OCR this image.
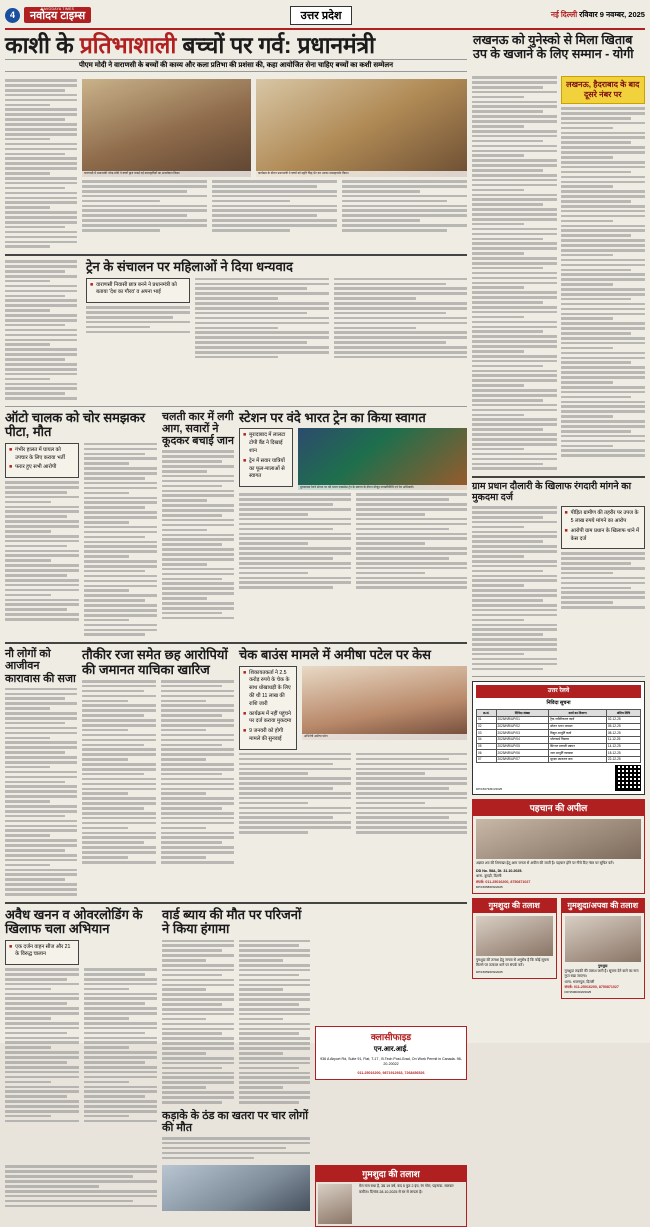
4
NAVODAYA TIMES
नवोदय टाइम्स	उत्तर प्रदेश	नई दिल्ली रविवार 9 नवम्बर, 2025
काशी के प्रतिभाशाली बच्चों पर गर्व: प्रधानमंत्री
पीएम मोदी ने वाराणसी के बच्चों की काव्य और कला प्रतिभा की प्रशंसा की, कहा आयोजित सेना चाहिए बच्चों का कशी सम्मेलन
लखनऊ को युनेस्को से मिला खिताब उप के खजाने के लिए सम्मान - योगी
वाराणसी में प्रधानमंत्री नरेन्द्र मोदी ने बच्चों द्वारा बनाई गई कलाकृतियों का अवलोकन किया।	कार्यक्रम के दौरान प्रधानमंत्री ने बच्चों को स्मृति चिह्न भेंट कर उनका उत्साहवर्धन किया।
ट्रेन के संचालन पर महिलाओं ने दिया धन्यवाद
■ वाराणसी निवासी छात्र बनने ने प्रधानमंत्री को बताया 'देश का गौरव' व अपना भाई
ऑटो चालक को चोर समझकर पीटा, मौत
■ गंभीर हालत में घायल को उपचार के लिए कराया भर्ती
■ फरार हुए सभी आरोपी
चलती कार में लगी आग, सवारों ने कूदकर बचाई जान
स्टेशन पर वंदे भारत ट्रेन का किया स्वागत
■ मुरादाबाद में लालटा टोपी बैंड ने दिखाई शान
■ ट्रेन में सवार यात्रियों का फूल-मालाओं से स्वागत
मुरादाबाद रेलवे स्टेशन पर वंदे भारत एक्सप्रेस ट्रेन के स्वागत के दौरान मौजूद जनप्रतिनिधि एवं रेल अधिकारी।
नौ लोगों को आजीवन कारावास की सजा
तौकीर रजा समेत छह आरोपियों की जमानत याचिका खारिज
चेक बाउंस मामले में अमीषा पटेल पर केस
■ शिकायतकर्ता ने 2.5 करोड़ रुपये के चेक के साथ धोखाधड़ी के लिए की थी 11 लाख की राशि जारी
■ कार्यक्रम में नहीं पहुंचने पर दर्ज कराया मुकदमा
■ 9 जनवरी को होगी मामले की सुनवाई
अभिनेत्री अमीषा पटेल
अवैध खनन व ओवरलोडिंग के खिलाफ चला अभियान
■ एक दर्जन वाहन सीज और 21 के विरुद्ध चालान
वार्ड ब्याय की मौत पर परिजनों ने किया हंगामा
कड़ाके के ठंड का खतरा पर चार लोगों की मौत
क्लासीफाइड
एन.आर.आई.
936 A Airport Rd, Suite 91, Flat, T-17 , B.Tech Post-Grad, On Work Permit in Canada. 98-20-20022
011-25016200, 9871912933, 7268456526
गुमशुदा की तलाश
मेरा नाम राधा है, उम्र 19 वर्ष, कद 5 फुट 2 इंच, रंग गोरा, पहनावा- सलवार कमीज। दिनांक 28.10.2025 से घर से लापता है।
लखनऊ, हैदराबाद के बाद दूसरे नंबर पर
ग्राम प्रधान दौलारी के खिलाफ रंगदारी मांगने का मुकदमा दर्ज
■ पीड़ित ग्रामीण की तहरीर पर उपज के 5 लाख रुपये मांगने का आरोप
■ आरोपी ग्राम प्रधान के खिलाफ थाने में केस दर्ज
उत्तर रेलवे
निविदा सूचना
क्र.सं.	निविदा संख्या	कार्य का विवरण	अंतिम तिथि
01	2025/NR/UP/01	ट्रैक नवीनीकरण कार्य	02-12-25
02	2025/NR/UP/02	स्टेशन भवन मरम्मत	05-12-25
03	2025/NR/UP/03	विद्युत आपूर्ति कार्य	08-12-25
04	2025/NR/UP/04	प्लेटफार्म विस्तार	11-12-25
05	2025/NR/UP/05	सिग्नल प्रणाली उन्नयन	14-12-25
06	2025/NR/UP/06	जल आपूर्ति व्यवस्था	18-12-25
07	2025/NR/UP/07	सुरक्षा उपकरण क्रय	22-12-25
DP/15073/RO/2025
पहचान की अपील
अज्ञात शव की शिनाख्त हेतु आम जनता से अपील की जाती है। पहचान होने पर नीचे दिए नंबर पर सूचित करें।
DD No. 58A, Dt. 31.10.2025.
थाना- बुराड़ी, दिल्ली
संपर्क: 011-25016200, 8750871027
DP/15058/DW/2025
गुमशुदा की तलाश
गुमशुदा की तलाश हेतु जनता से अनुरोध है कि कोई सूचना मिलने पर तत्काल थाने पर संपर्क करें।
DP/15059/DW/2025
गुमशुदा/अपवा की तलाश
गुमशुदा
गुमशुदा लड़की की तलाश जारी है। सूचना देने वाले का नाम गुप्त रखा जाएगा।
थाना- भजनपुरा, दिल्ली
संपर्क: 011-25016200, 8750871027
DP/15060/DW/2025
